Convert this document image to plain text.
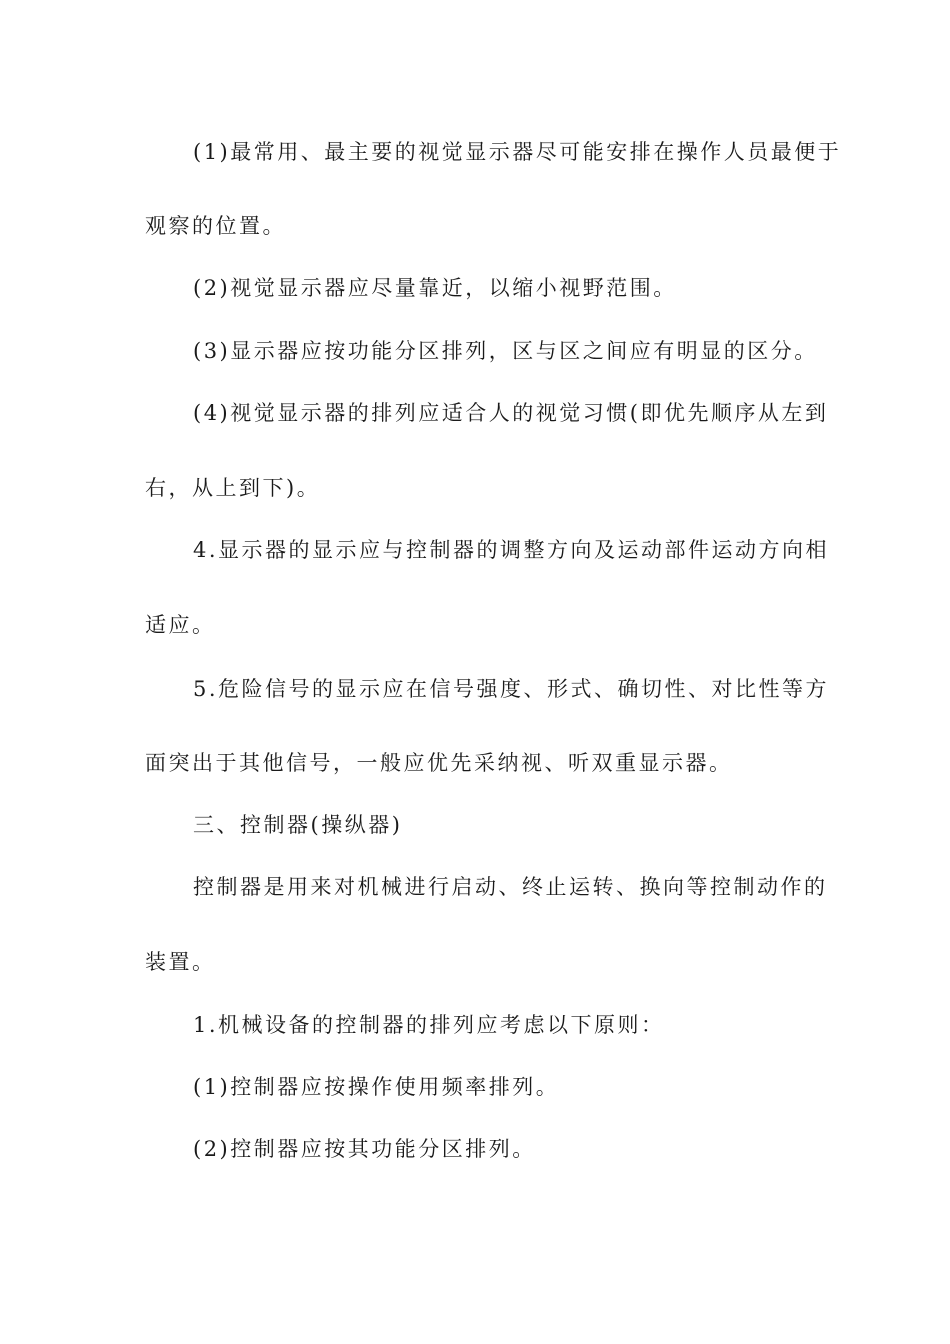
(1)最常用、最主要的视觉显示器尽可能安排在操作人员最便于
观察的位置。
(2)视觉显示器应尽量靠近，以缩小视野范围。
(3)显示器应按功能分区排列，区与区之间应有明显的区分。
(4)视觉显示器的排列应适合人的视觉习惯(即优先顺序从左到
右，从上到下)。
4.显示器的显示应与控制器的调整方向及运动部件运动方向相
适应。
5.危险信号的显示应在信号强度、形式、确切性、对比性等方
面突出于其他信号，一般应优先采纳视、听双重显示器。
三、控制器(操纵器)
控制器是用来对机械进行启动、终止运转、换向等控制动作的
装置。
1.机械设备的控制器的排列应考虑以下原则：
(1)控制器应按操作使用频率排列。
(2)控制器应按其功能分区排列。
